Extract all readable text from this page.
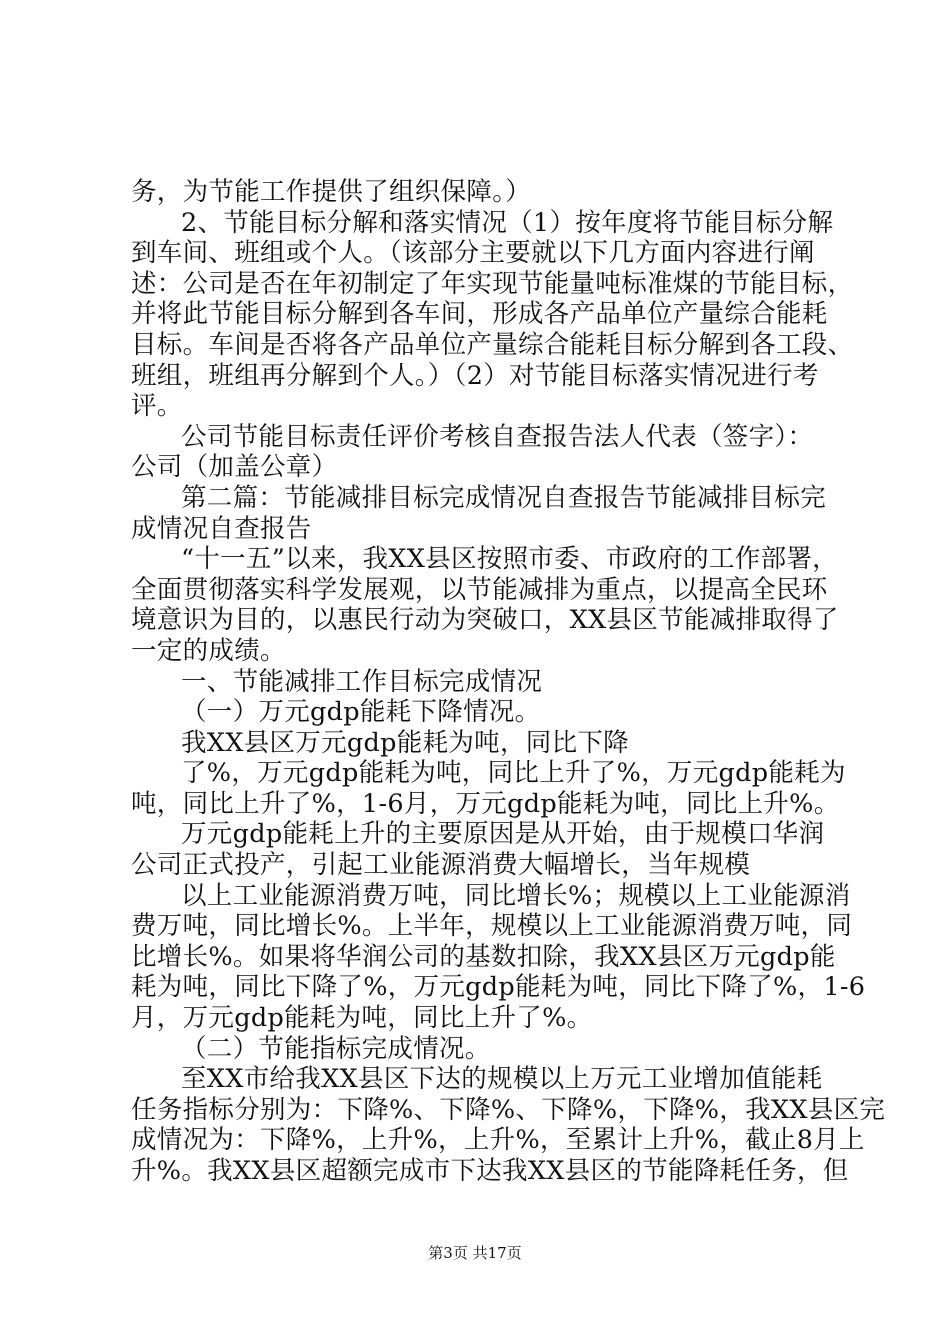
务，为节能工作提供了组织保障。）
2、节能目标分解和落实情况（1）按年度将节能目标分解
到车间、班组或个人。（该部分主要就以下几方面内容进行阐
述：公司是否在年初制定了年实现节能量吨标准煤的节能目标，
并将此节能目标分解到各车间，形成各产品单位产量综合能耗
目标。车间是否将各产品单位产量综合能耗目标分解到各工段、
班组，班组再分解到个人。）（2）对节能目标落实情况进行考
评。
公司节能目标责任评价考核自查报告法人代表（签字）：
公司（加盖公章）
第二篇：节能减排目标完成情况自查报告节能减排目标完
成情况自查报告
“十一五”以来，我XX县区按照市委、市政府的工作部署，
全面贯彻落实科学发展观，以节能减排为重点，以提高全民环
境意识为目的，以惠民行动为突破口，XX县区节能减排取得了
一定的成绩。
一、节能减排工作目标完成情况
（一）万元gdp能耗下降情况。
我XX县区万元gdp能耗为吨，同比下降
了%，万元gdp能耗为吨，同比上升了%，万元gdp能耗为
吨，同比上升了%，1-6月，万元gdp能耗为吨，同比上升%。
万元gdp能耗上升的主要原因是从开始，由于规模口华润
公司正式投产，引起工业能源消费大幅增长，当年规模
以上工业能源消费万吨，同比增长%；规模以上工业能源消
费万吨，同比增长%。上半年，规模以上工业能源消费万吨，同
比增长%。如果将华润公司的基数扣除，我XX县区万元gdp能
耗为吨，同比下降了%，万元gdp能耗为吨，同比下降了%，1-6
月，万元gdp能耗为吨，同比上升了%。
（二）节能指标完成情况。
至XX市给我XX县区下达的规模以上万元工业增加值能耗
任务指标分别为：下降%、下降%、下降%，下降%，我XX县区完
成情况为：下降%，上升%，上升%，至累计上升%，截止8月上
升%。我XX县区超额完成市下达我XX县区的节能降耗任务，但
第3页 共17页
